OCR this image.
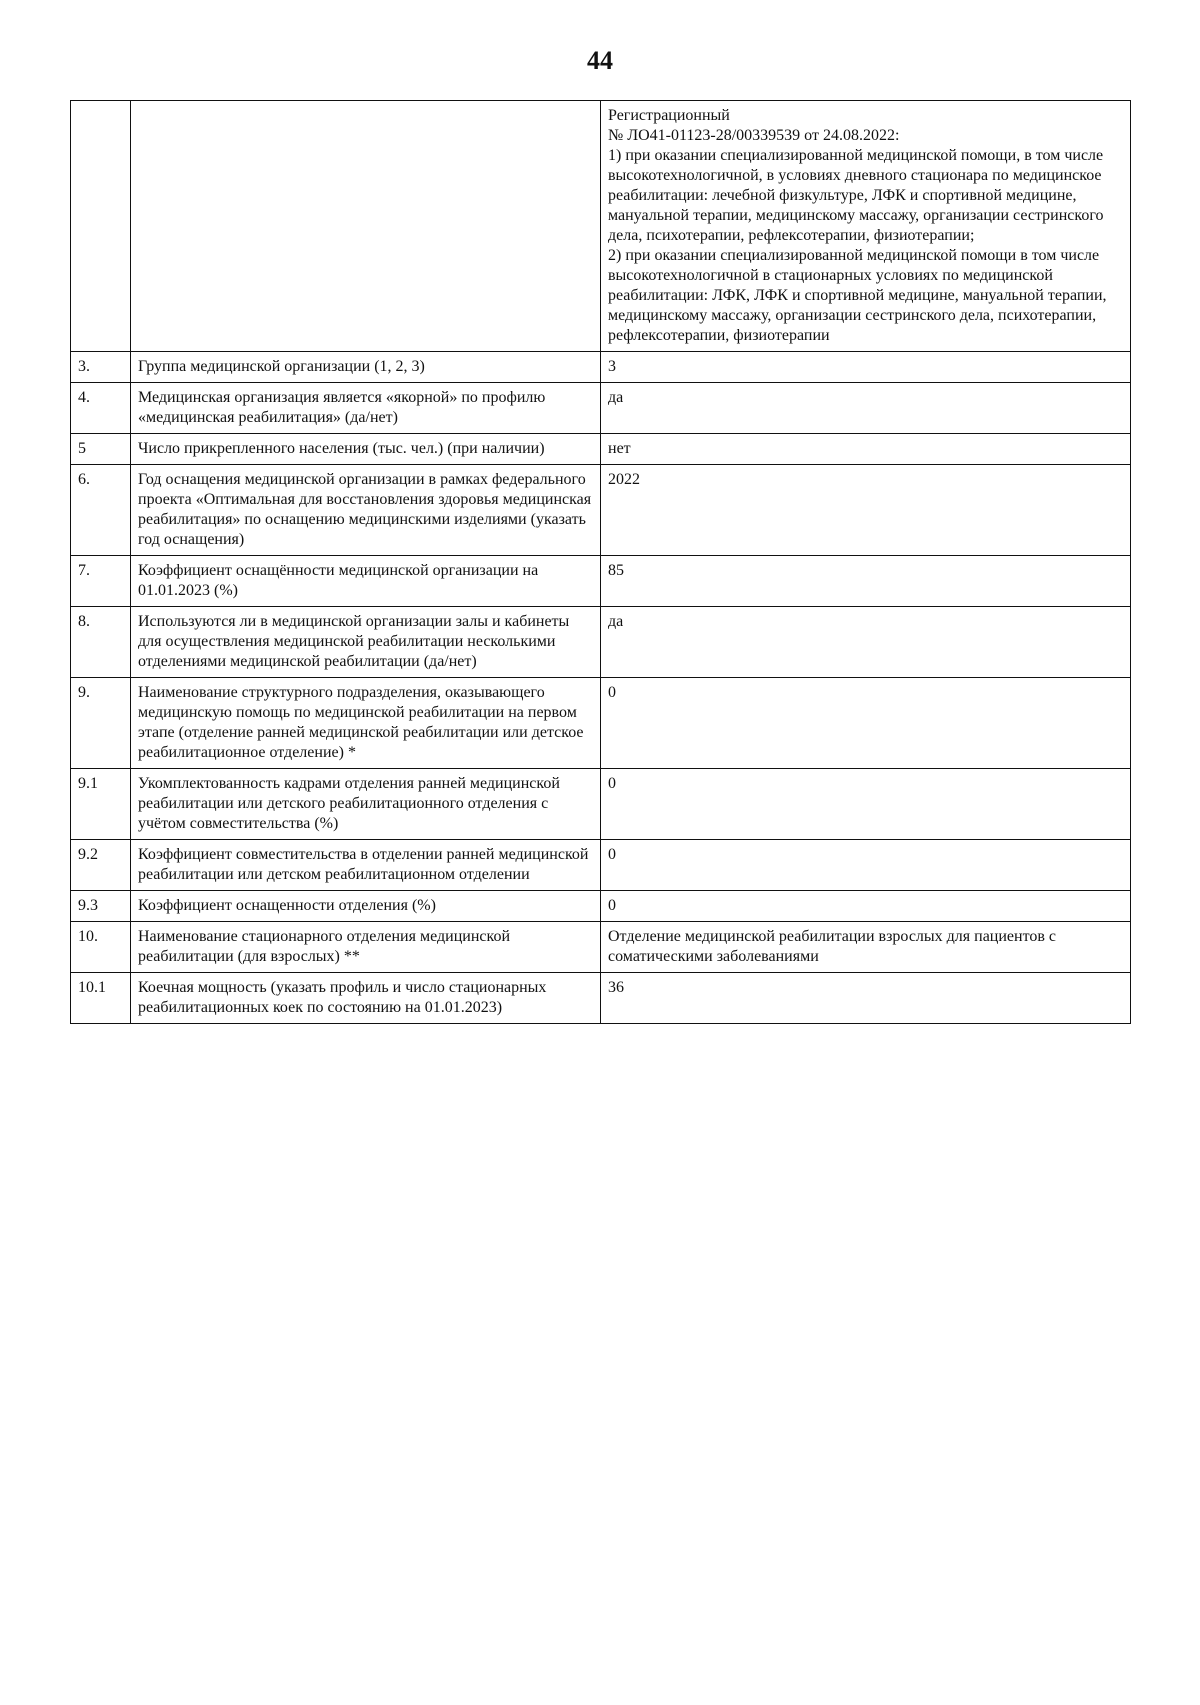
44

		Регистрационный
№ ЛО41-01123-28/00339539 от 24.08.2022:
1) при оказании специализированной медицинской помощи, в том числе высокотехнологичной, в условиях дневного стационара по медицинское реабилитации: лечебной физкультуре, ЛФК и спортивной медицине, мануальной терапии, медицинскому массажу, организации сестринского дела, психотерапии, рефлексотерапии, физиотерапии;
2) при оказании специализированной медицинской помощи в том числе высокотехнологичной в стационарных условиях по медицинской реабилитации: ЛФК, ЛФК и спортивной медицине, мануальной терапии, медицинскому массажу, организации сестринского дела, психотерапии, рефлексотерапии, физиотерапии

3.	Группа медицинской организации (1, 2, 3)	3
4.	Медицинская организация является «якорной» по профилю «медицинская реабилитация» (да/нет)	да
5	Число прикрепленного населения (тыс. чел.) (при наличии)	нет
6.	Год оснащения медицинской организации в рамках федерального проекта «Оптимальная для восстановления здоровья медицинская реабилитация» по оснащению медицинскими изделиями (указать год оснащения)	2022
7.	Коэффициент оснащённости медицинской организации на 01.01.2023 (%)	85
8.	Используются ли в медицинской организации залы и кабинеты для осуществления медицинской реабилитации несколькими отделениями медицинской реабилитации (да/нет)	да
9.	Наименование структурного подразделения, оказывающего медицинскую помощь по медицинской реабилитации на первом этапе (отделение ранней медицинской реабилитации или детское реабилитационное отделение) *	0
9.1	Укомплектованность кадрами отделения ранней медицинской реабилитации или детского реабилитационного отделения с учётом совместительства (%)	0
9.2	Коэффициент совместительства в отделении ранней медицинской реабилитации или детском реабилитационном отделении	0
9.3	Коэффициент оснащенности отделения (%)	0
10.	Наименование стационарного отделения медицинской реабилитации (для взрослых) **	Отделение медицинской реабилитации взрослых для пациентов с соматическими заболеваниями
10.1	Коечная мощность (указать профиль и число стационарных реабилитационных коек по состоянию на 01.01.2023)	36
